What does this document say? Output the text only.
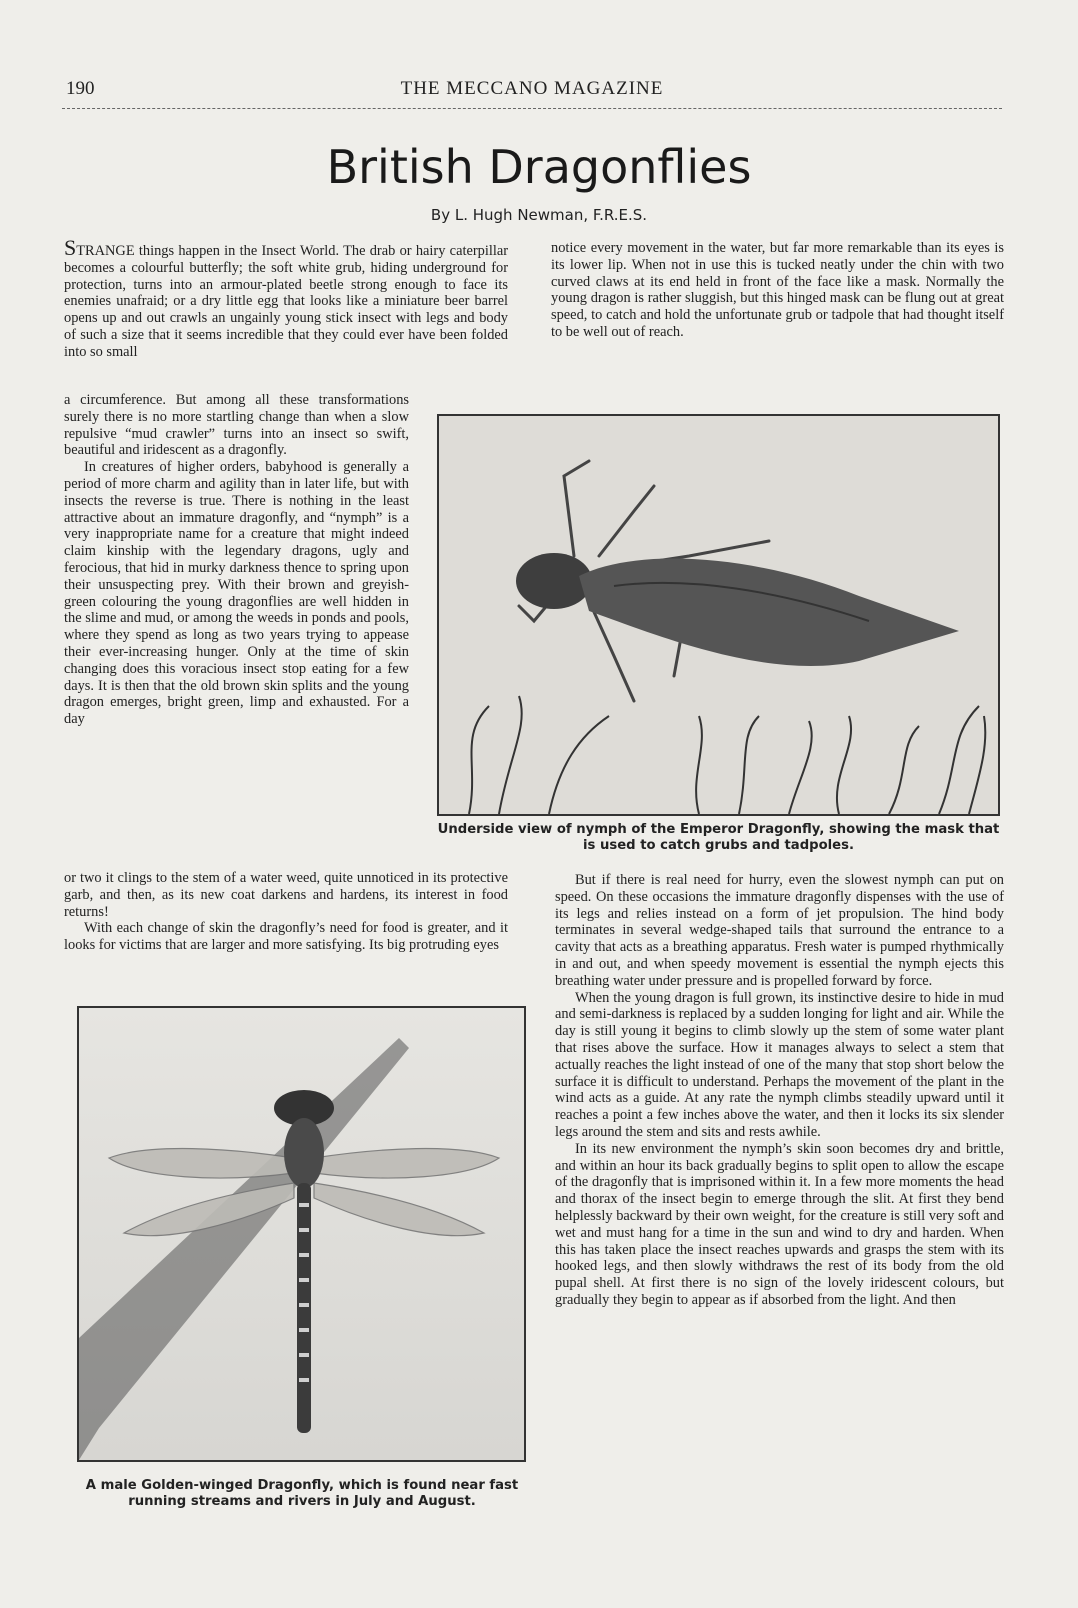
190	THE MECCANO MAGAZINE
British Dragonflies
By L. Hugh Newman, F.R.E.S.

STRANGE things happen in the Insect World. The drab or hairy caterpillar becomes a colourful butterfly; the soft white grub, hiding underground for protection, turns into an armour-plated beetle strong enough to face its enemies unafraid; or a dry little egg that looks like a miniature beer barrel opens up and out crawls an ungainly young stick insect with legs and body of such a size that it seems incredible that they could ever have been folded into so small

a circumference. But among all these transformations surely there is no more startling change than when a slow repulsive “mud crawler” turns into an insect so swift, beautiful and iridescent as a dragonfly.

In creatures of higher orders, babyhood is generally a period of more charm and agility than in later life, but with insects the reverse is true. There is nothing in the least attractive about an immature dragonfly, and “nymph” is a very inappropriate name for a creature that might indeed claim kinship with the legendary dragons, ugly and ferocious, that hid in murky darkness thence to spring upon their unsuspecting prey. With their brown and greyish-green colouring the young dragonflies are well hidden in the slime and mud, or among the weeds in ponds and pools, where they spend as long as two years trying to appease their ever-increasing hunger. Only at the time of skin changing does this voracious insect stop eating for a few days. It is then that the old brown skin splits and the young dragon emerges, bright green, limp and exhausted. For a day

or two it clings to the stem of a water weed, quite unnoticed in its protective garb, and then, as its new coat darkens and hardens, its interest in food returns!

With each change of skin the dragonfly’s need for food is greater, and it looks for victims that are larger and more satisfying. Its big protruding eyes

notice every movement in the water, but far more remarkable than its eyes is its lower lip. When not in use this is tucked neatly under the chin with two curved claws at its end held in front of the face like a mask. Normally the young dragon is rather sluggish, but this hinged mask can be flung out at great speed, to catch and hold the unfortunate grub or tadpole that had thought itself to be well out of reach.

Underside view of nymph of the Emperor Dragonfly, showing the mask that is used to catch grubs and tadpoles.

But if there is real need for hurry, even the slowest nymph can put on speed. On these occasions the immature dragonfly dispenses with the use of its legs and relies instead on a form of jet propulsion. The hind body terminates in several wedge-shaped tails that surround the entrance to a cavity that acts as a breathing apparatus. Fresh water is pumped rhythmically in and out, and when speedy movement is essential the nymph ejects this breathing water under pressure and is propelled forward by force.

When the young dragon is full grown, its instinctive desire to hide in mud and semi-darkness is replaced by a sudden longing for light and air. While the day is still young it begins to climb slowly up the stem of some water plant that rises above the surface. How it manages always to select a stem that actually reaches the light instead of one of the many that stop short below the surface it is difficult to understand. Perhaps the movement of the plant in the wind acts as a guide. At any rate the nymph climbs steadily upward until it reaches a point a few inches above the water, and then it locks its six slender legs around the stem and sits and rests awhile.

In its new environment the nymph’s skin soon becomes dry and brittle, and within an hour its back gradually begins to split open to allow the escape of the dragonfly that is imprisoned within it. In a few more moments the head and thorax of the insect begin to emerge through the slit. At first they bend helplessly backward by their own weight, for the creature is still very soft and wet and must hang for a time in the sun and wind to dry and harden. When this has taken place the insect reaches upwards and grasps the stem with its hooked legs, and then slowly withdraws the rest of its body from the old pupal shell. At first there is no sign of the lovely iridescent colours, but gradually they begin to appear as if absorbed from the light. And then

A male Golden-winged Dragonfly, which is found near fast running streams and rivers in July and August.
